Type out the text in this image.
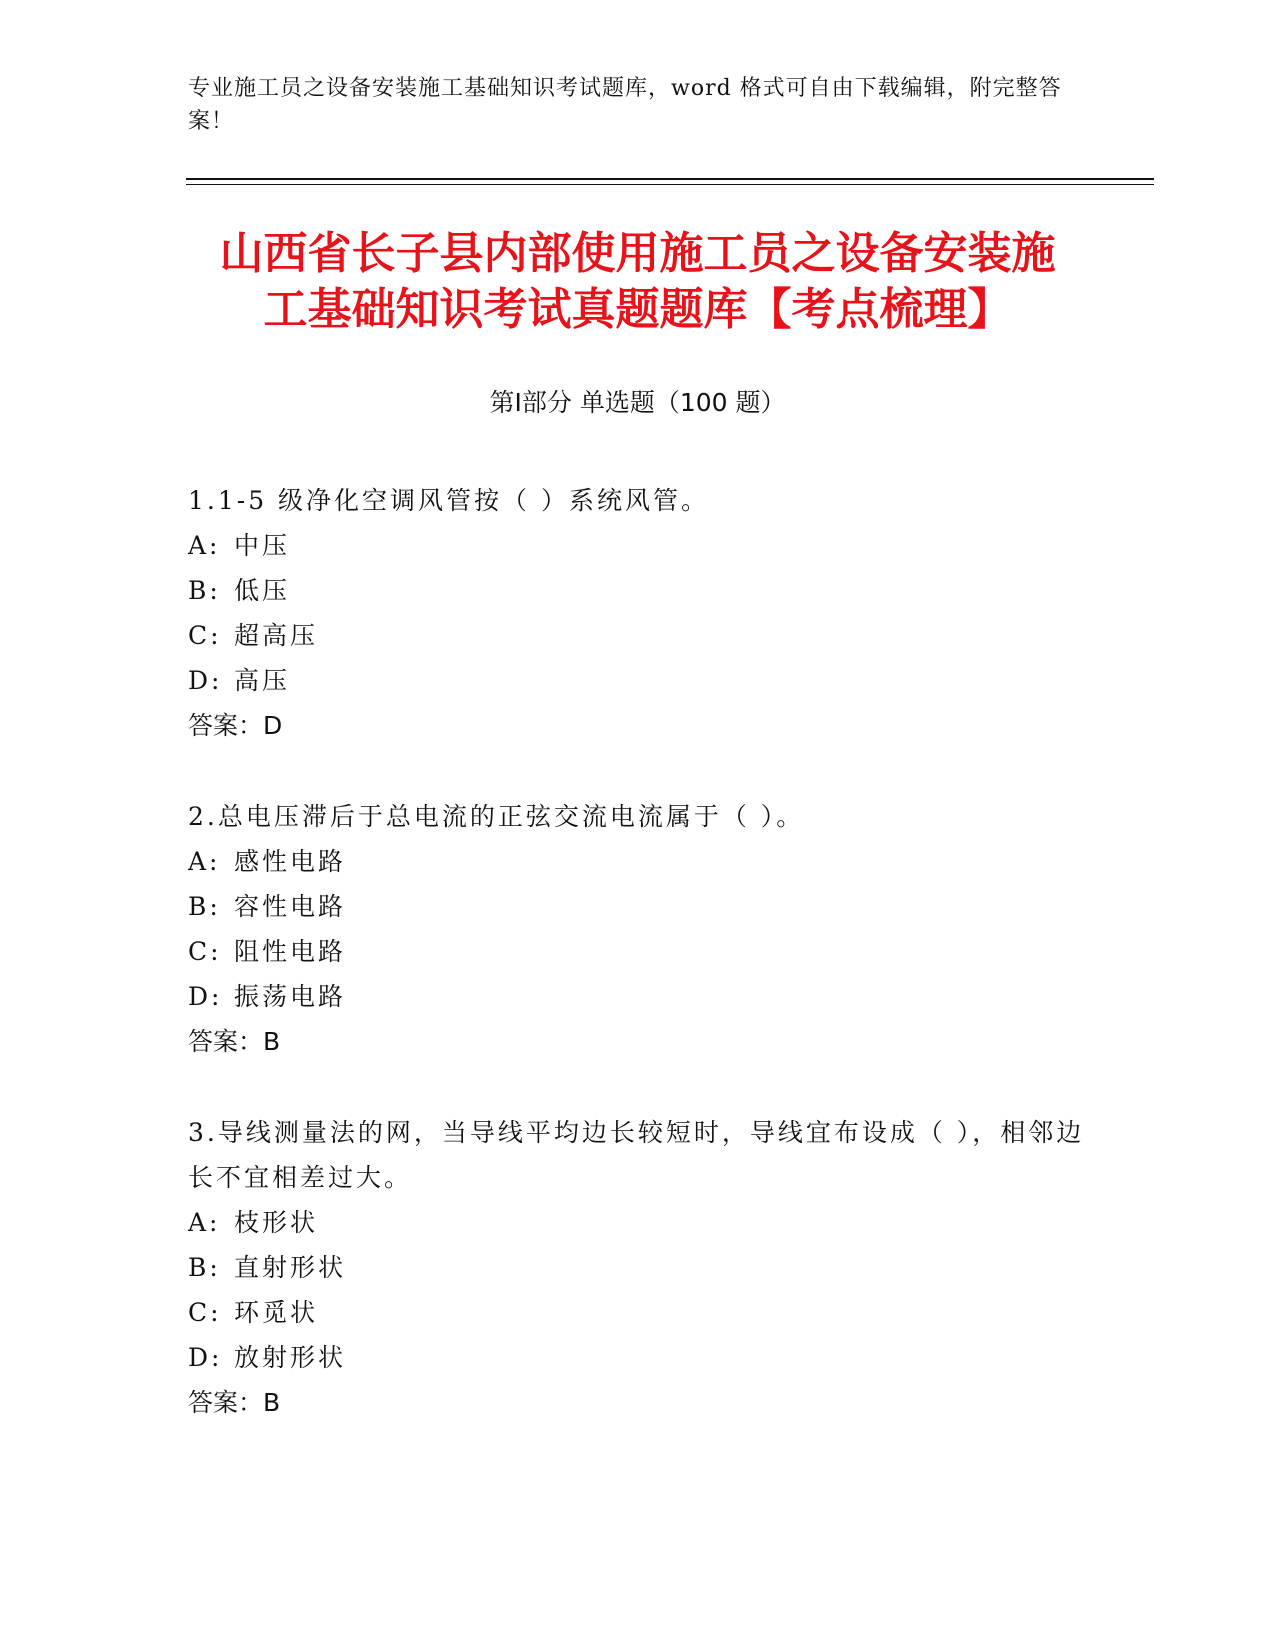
专业施工员之设备安装施工基础知识考试题库，word 格式可自由下载编辑，附完整答案！
山西省长子县内部使用施工员之设备安装施
工基础知识考试真题题库【考点梳理】
第Ⅰ部分 单选题（100 题）
1.1-5 级净化空调风管按（ ）系统风管。
A: 中压
B: 低压
C: 超高压
D: 高压
答案：D
2.总电压滞后于总电流的正弦交流电流属于（ ）。
A: 感性电路
B: 容性电路
C: 阻性电路
D: 振荡电路
答案：B
3.导线测量法的网，当导线平均边长较短时，导线宜布设成（ ），相邻边长不宜相差过大。
A: 枝形状
B: 直射形状
C: 环觅状
D: 放射形状
答案：B
